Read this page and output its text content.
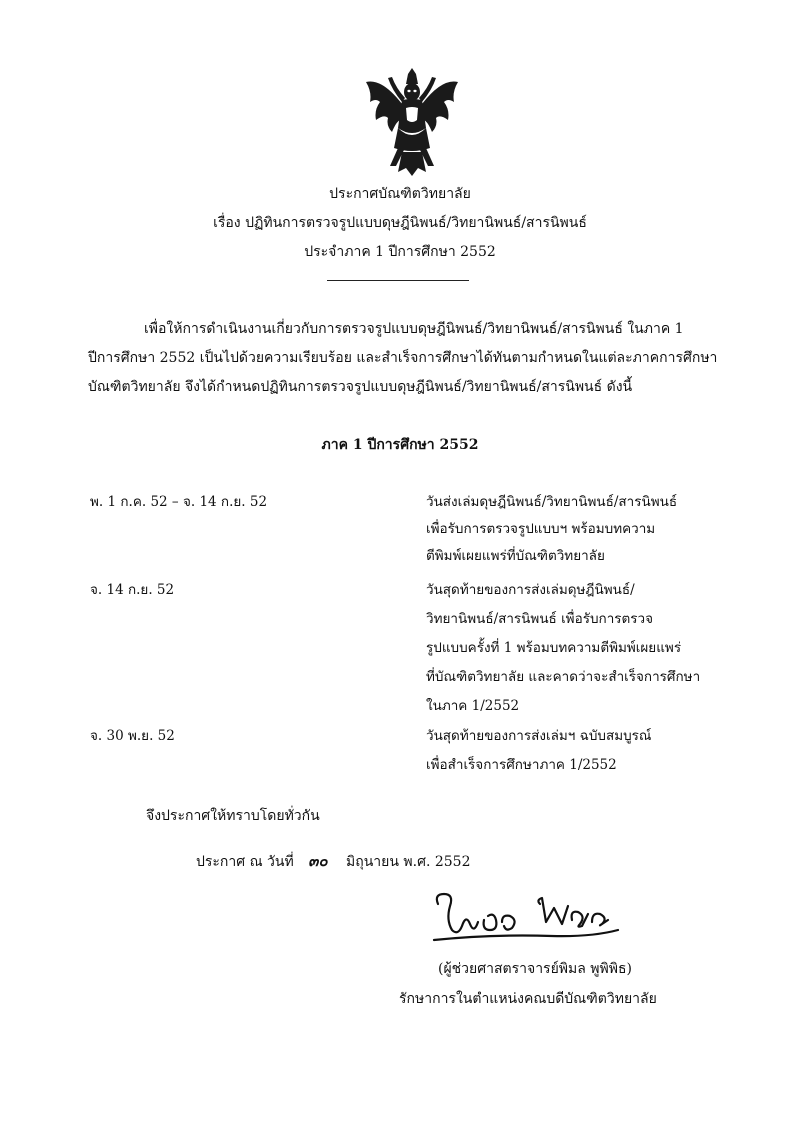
ประกาศบัณฑิตวิทยาลัย
เรื่อง ปฏิทินการตรวจรูปแบบดุษฎีนิพนธ์/วิทยานิพนธ์/สารนิพนธ์
ประจำภาค 1 ปีการศึกษา 2552
เพื่อให้การดำเนินงานเกี่ยวกับการตรวจรูปแบบดุษฎีนิพนธ์/วิทยานิพนธ์/สารนิพนธ์ ในภาค 1
ปีการศึกษา 2552 เป็นไปด้วยความเรียบร้อย และสำเร็จการศึกษาได้ทันตามกำหนดในแต่ละภาคการศึกษา
บัณฑิตวิทยาลัย จึงได้กำหนดปฏิทินการตรวจรูปแบบดุษฎีนิพนธ์/วิทยานิพนธ์/สารนิพนธ์ ดังนี้
ภาค 1 ปีการศึกษา 2552
พ. 1 ก.ค. 52 – จ. 14 ก.ย. 52	วันส่งเล่มดุษฎีนิพนธ์/วิทยานิพนธ์/สารนิพนธ์
เพื่อรับการตรวจรูปแบบฯ พร้อมบทความ
ตีพิมพ์เผยแพร่ที่บัณฑิตวิทยาลัย
จ. 14 ก.ย. 52	วันสุดท้ายของการส่งเล่มดุษฎีนิพนธ์/
วิทยานิพนธ์/สารนิพนธ์ เพื่อรับการตรวจ
รูปแบบครั้งที่ 1 พร้อมบทความตีพิมพ์เผยแพร่
ที่บัณฑิตวิทยาลัย และคาดว่าจะสำเร็จการศึกษา
ในภาค 1/2552
จ. 30 พ.ย. 52	วันสุดท้ายของการส่งเล่มฯ ฉบับสมบูรณ์
เพื่อสำเร็จการศึกษาภาค 1/2552
จึงประกาศให้ทราบโดยทั่วกัน
ประกาศ ณ วันที่ ๓๐ มิถุนายน พ.ศ. 2552
(ผู้ช่วยศาสตราจารย์พิมล พูพิพิธ)
รักษาการในตำแหน่งคณบดีบัณฑิตวิทยาลัย
